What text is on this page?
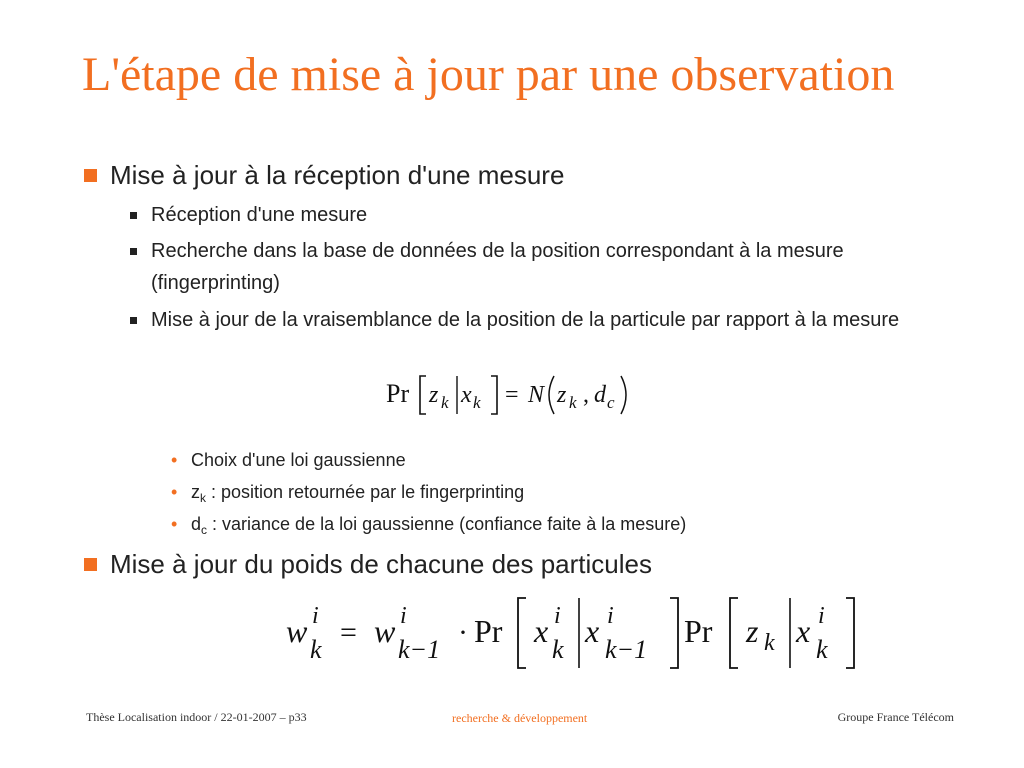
L'étape de mise à jour par une observation
Mise à jour à la réception d'une mesure
Réception d'une mesure
Recherche dans la base de données de la position correspondant à la mesure (fingerprinting)
Mise à jour de la vraisemblance de la position de la particule par rapport à la mesure
Pr z k x k = N z k , d c
• Choix d'une loi gaussienne
• $z_k$ : position retournée par le fingerprinting
• $d_c$ : variance de la loi gaussienne (confiance faite à la mesure)
Mise à jour du poids de chacune des particules
w i
k
= w i
k−1
· Pr x i
k
x i
k−1
Pr z k x i
k
Thèse Localisation indoor / 22-01-2007 – p33	recherche & développement	Groupe France Télécom
